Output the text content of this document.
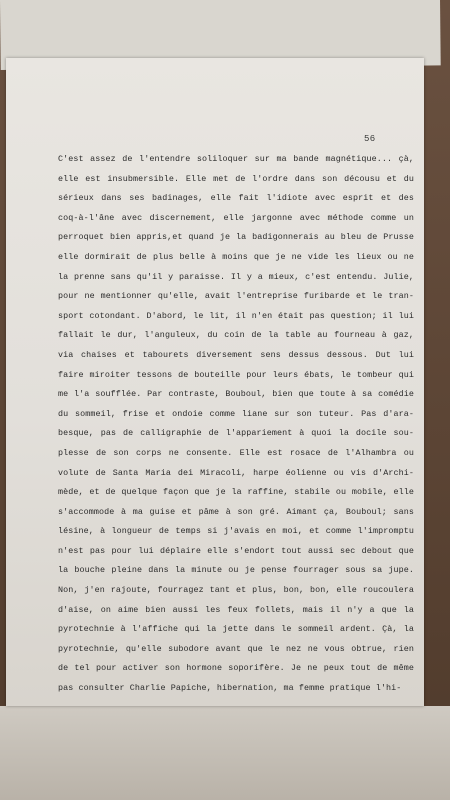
56
C'est assez de l'entendre soliloquer sur ma bande magnétique... çà,
elle est insubmersible. Elle met de l'ordre dans son décousu et du
sérieux dans ses badinages, elle fait l'idiote avec esprit et des
coq-à-l'âne avec discernement, elle jargonne avec méthode comme un
perroquet bien appris,et quand je la badigonnerais au bleu de Prusse
elle dormirait de plus belle à moins que je ne vide les lieux ou ne
la prenne sans qu'il y paraisse. Il y a mieux, c'est entendu. Julie,
pour ne mentionner qu'elle, avait l'entreprise furibarde et le tran-
sport cotondant. D'abord, le lit, il n'en était pas question; il lui
fallait le dur, l'anguleux, du coin de la table au fourneau à gaz,
via chaises et tabourets diversement sens dessus dessous. Dut lui
faire miroiter tessons de bouteille pour leurs ébats, le tombeur qui
me l'a soufflée. Par contraste, Bouboul, bien que toute à sa comédie
du sommeil, frise et ondoie comme liane sur son tuteur. Pas d'ara-
besque, pas de calligraphie de l'appariement à quoi la docile sou-
plesse de son corps ne consente. Elle est rosace de l'Alhambra ou
volute de Santa Maria dei Miracoli, harpe éolienne ou vis d'Archi-
mède, et de quelque façon que je la raffine, stabile ou mobile, elle
s'accommode à ma guise et pâme à son gré. Aimant ça, Bouboul; sans
lésine, à longueur de temps si j'avais en moi, et comme l'impromptu
n'est pas pour lui déplaire elle s'endort tout aussi sec debout que
la bouche pleine dans la minute ou je pense fourrager sous sa jupe.
Non, j'en rajoute, fourragez tant et plus, bon, bon, elle roucoulera
d'aise, on aime bien aussi les feux follets, mais il n'y a que la
pyrotechnie à l'affiche qui la jette dans le sommeil ardent. Çà, la
pyrotechnie, qu'elle subodore avant que le nez ne vous obtrue, rien
de tel pour activer son hormone soporifère. Je ne peux tout de même
pas consulter Charlie Papiche, hibernation, ma femme pratique l'hi-
